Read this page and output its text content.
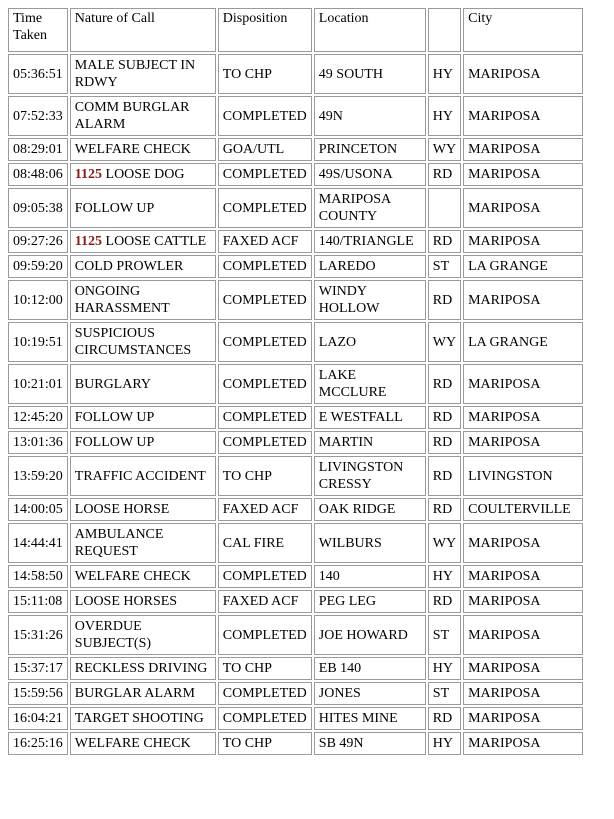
Time Taken	Nature of Call	Disposition	Location		City
05:36:51	MALE SUBJECT IN RDWY	TO CHP	49 SOUTH	HY	MARIPOSA
07:52:33	COMM BURGLAR ALARM	COMPLETED	49N	HY	MARIPOSA
08:29:01	WELFARE CHECK	GOA/UTL	PRINCETON	WY	MARIPOSA
08:48:06	1125 LOOSE DOG	COMPLETED	49S/USONA	RD	MARIPOSA
09:05:38	FOLLOW UP	COMPLETED	MARIPOSA COUNTY		MARIPOSA
09:27:26	1125 LOOSE CATTLE	FAXED ACF	140/TRIANGLE	RD	MARIPOSA
09:59:20	COLD PROWLER	COMPLETED	LAREDO	ST	LA GRANGE
10:12:00	ONGOING HARASSMENT	COMPLETED	WINDY HOLLOW	RD	MARIPOSA
10:19:51	SUSPICIOUS CIRCUMSTANCES	COMPLETED	LAZO	WY	LA GRANGE
10:21:01	BURGLARY	COMPLETED	LAKE MCCLURE	RD	MARIPOSA
12:45:20	FOLLOW UP	COMPLETED	E WESTFALL	RD	MARIPOSA
13:01:36	FOLLOW UP	COMPLETED	MARTIN	RD	MARIPOSA
13:59:20	TRAFFIC ACCIDENT	TO CHP	LIVINGSTON CRESSY	RD	LIVINGSTON
14:00:05	LOOSE HORSE	FAXED ACF	OAK RIDGE	RD	COULTERVILLE
14:44:41	AMBULANCE REQUEST	CAL FIRE	WILBURS	WY	MARIPOSA
14:58:50	WELFARE CHECK	COMPLETED	140	HY	MARIPOSA
15:11:08	LOOSE HORSES	FAXED ACF	PEG LEG	RD	MARIPOSA
15:31:26	OVERDUE SUBJECT(S)	COMPLETED	JOE HOWARD	ST	MARIPOSA
15:37:17	RECKLESS DRIVING	TO CHP	EB 140	HY	MARIPOSA
15:59:56	BURGLAR ALARM	COMPLETED	JONES	ST	MARIPOSA
16:04:21	TARGET SHOOTING	COMPLETED	HITES MINE	RD	MARIPOSA
16:25:16	WELFARE CHECK	TO CHP	SB 49N	HY	MARIPOSA
